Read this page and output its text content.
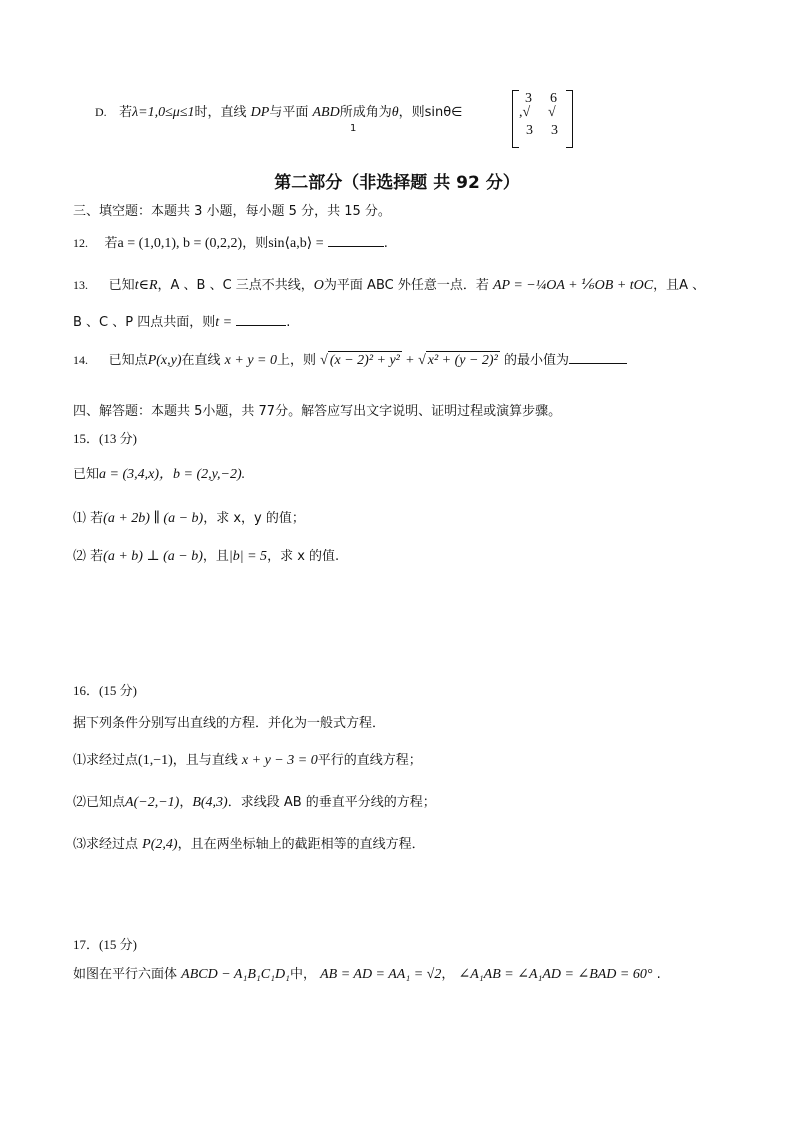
D. 若λ=1,0≤μ≤1时，直线 DP与平面 ABD所成角为θ，则sinθ∈
1
3 6
,√ √
3 3
第二部分（非选择题 共 92 分）
三、填空题：本题共 3 小题，每小题 5 分，共 15 分。
12. 若a = (1,0,1), b = (0,2,2)，则sin⟨a,b⟩ =	.
13. 已知t∈R，A 、B 、C 三点不共线，O为平面 ABC 外任意一点．若 AP = −¼OA + ⅙OB + tOC，且A 、
B 、C 、P 四点共面，则t =	.
14. 已知点P(x,y)在直线 x + y = 0上，则 √ (x − 2)² + y² + √ x² + (y − 2)² 的最小值为
四、解答题：本题共 5小题，共 77分。解答应写出文字说明、证明过程或演算步骤。
15．(13 分)
已知a = (3,4,x)，b = (2,y,−2).
⑴ 若(a + 2b) ∥ (a − b)，求 x，y 的值；
⑵ 若(a + b) ⊥ (a − b)，且|b| = 5，求 x 的值.
16．(15 分)
据下列条件分别写出直线的方程．并化为一般式方程．
⑴求经过点(1,−1)，且与直线 x + y − 3 = 0平行的直线方程；
⑵已知点A(−2,−1)，B(4,3)．求线段 AB 的垂直平分线的方程；
⑶求经过点 P(2,4)，且在两坐标轴上的截距相等的直线方程．
17．(15 分)
如图在平行六面体 ABCD − A₁B₁C₁D₁中， AB = AD = AA₁ = √2， ∠A₁AB = ∠A₁AD = ∠BAD = 60° .
